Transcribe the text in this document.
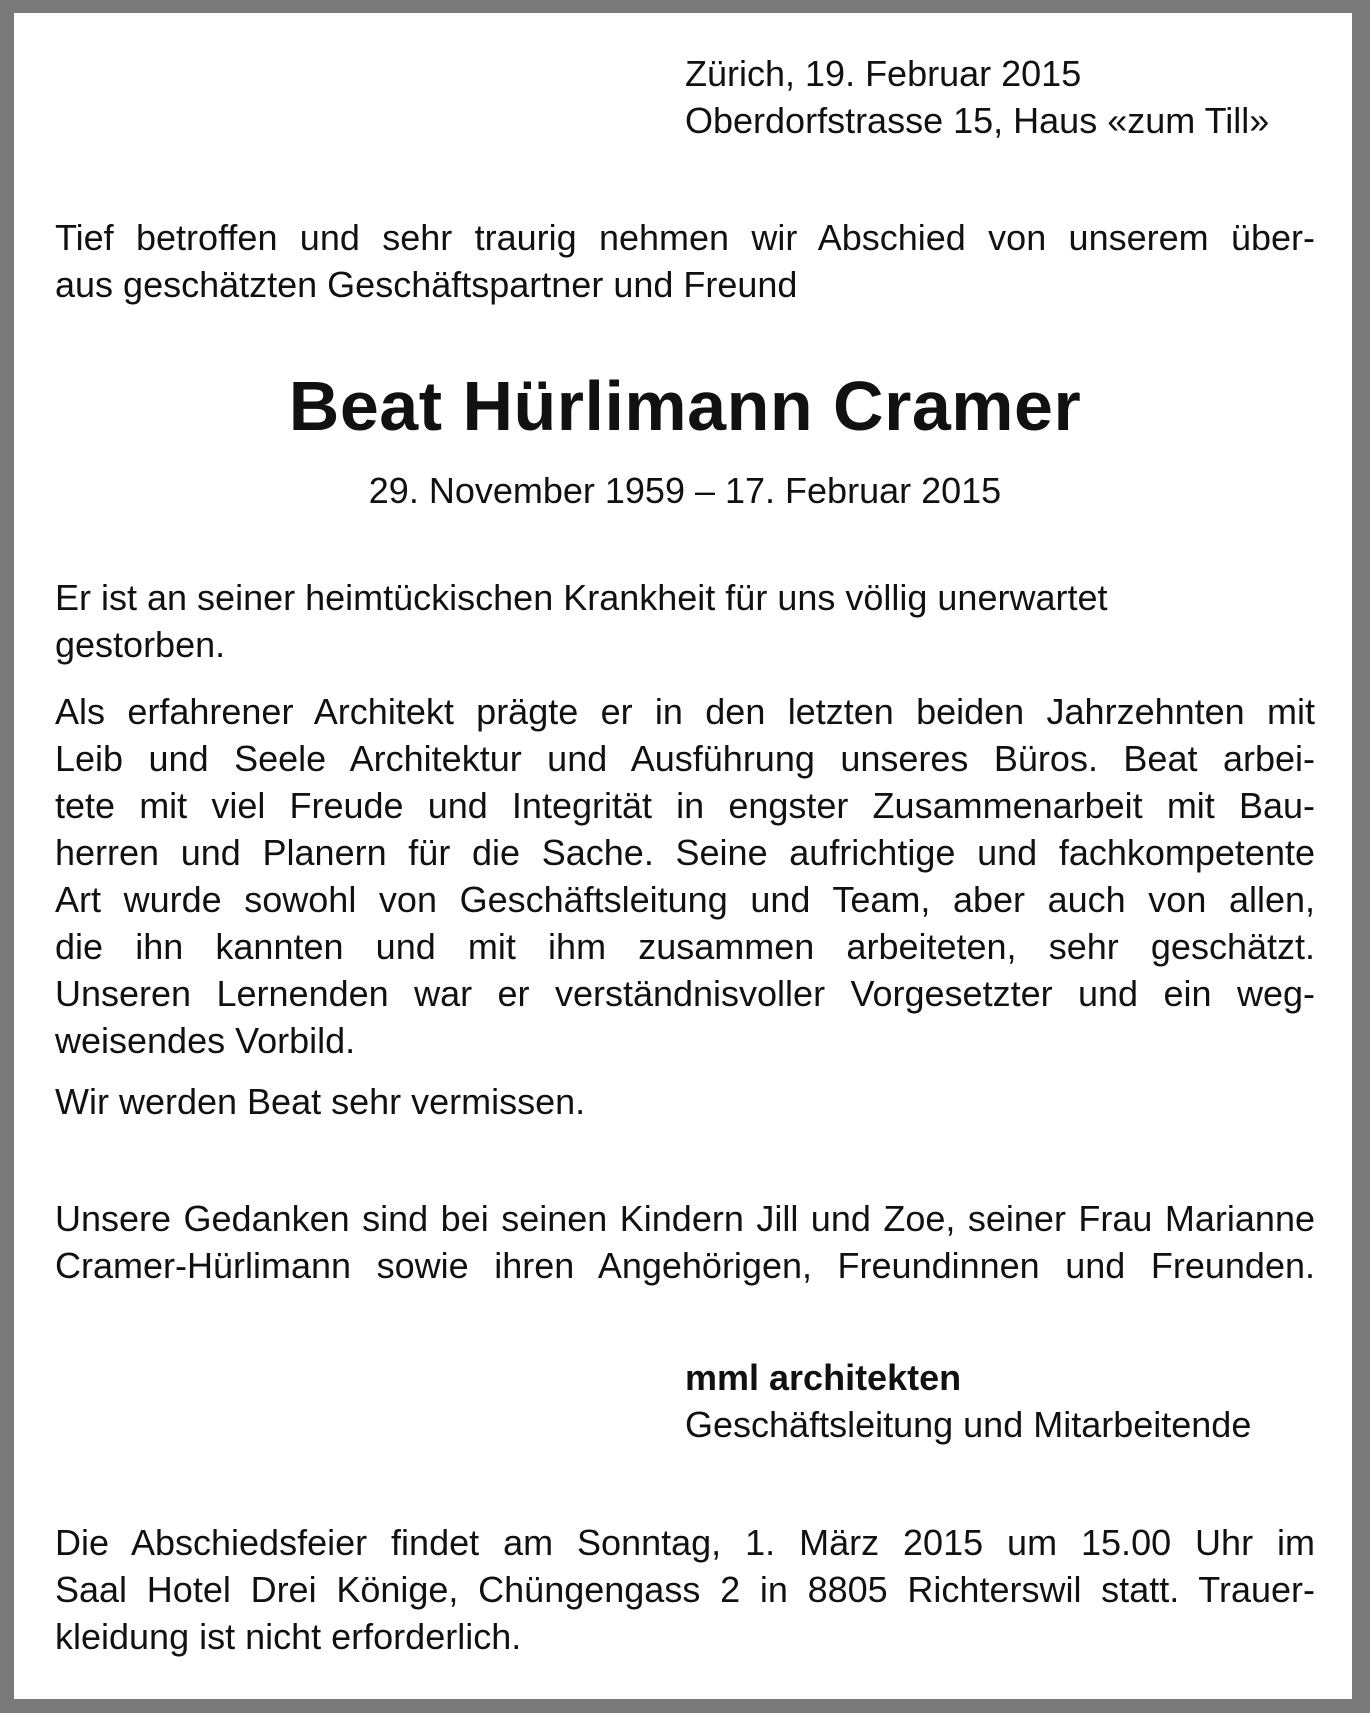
Zürich, 19. Februar 2015
Oberdorfstrasse 15, Haus «zum Till»
Tief betroffen und sehr traurig nehmen wir Abschied von unserem über-
aus geschätzten Geschäftspartner und Freund
Beat Hürlimann Cramer
29. November 1959 – 17. Februar 2015
Er ist an seiner heimtückischen Krankheit für uns völlig unerwartet
gestorben.
Als erfahrener Architekt prägte er in den letzten beiden Jahrzehnten mit
Leib und Seele Architektur und Ausführung unseres Büros. Beat arbei-
tete mit viel Freude und Integrität in engster Zusammenarbeit mit Bau-
herren und Planern für die Sache. Seine aufrichtige und fachkompetente
Art wurde sowohl von Geschäftsleitung und Team, aber auch von allen,
die ihn kannten und mit ihm zusammen arbeiteten, sehr geschätzt.
Unseren Lernenden war er verständnisvoller Vorgesetzter und ein weg-
weisendes Vorbild.
Wir werden Beat sehr vermissen.
Unsere Gedanken sind bei seinen Kindern Jill und Zoe, seiner Frau Marianne
Cramer-Hürlimann sowie ihren Angehörigen, Freundinnen und Freunden.
mml architekten
Geschäftsleitung und Mitarbeitende
Die Abschiedsfeier findet am Sonntag, 1. März 2015 um 15.00 Uhr im
Saal Hotel Drei Könige, Chüngengass 2 in 8805 Richterswil statt. Trauer-
kleidung ist nicht erforderlich.
